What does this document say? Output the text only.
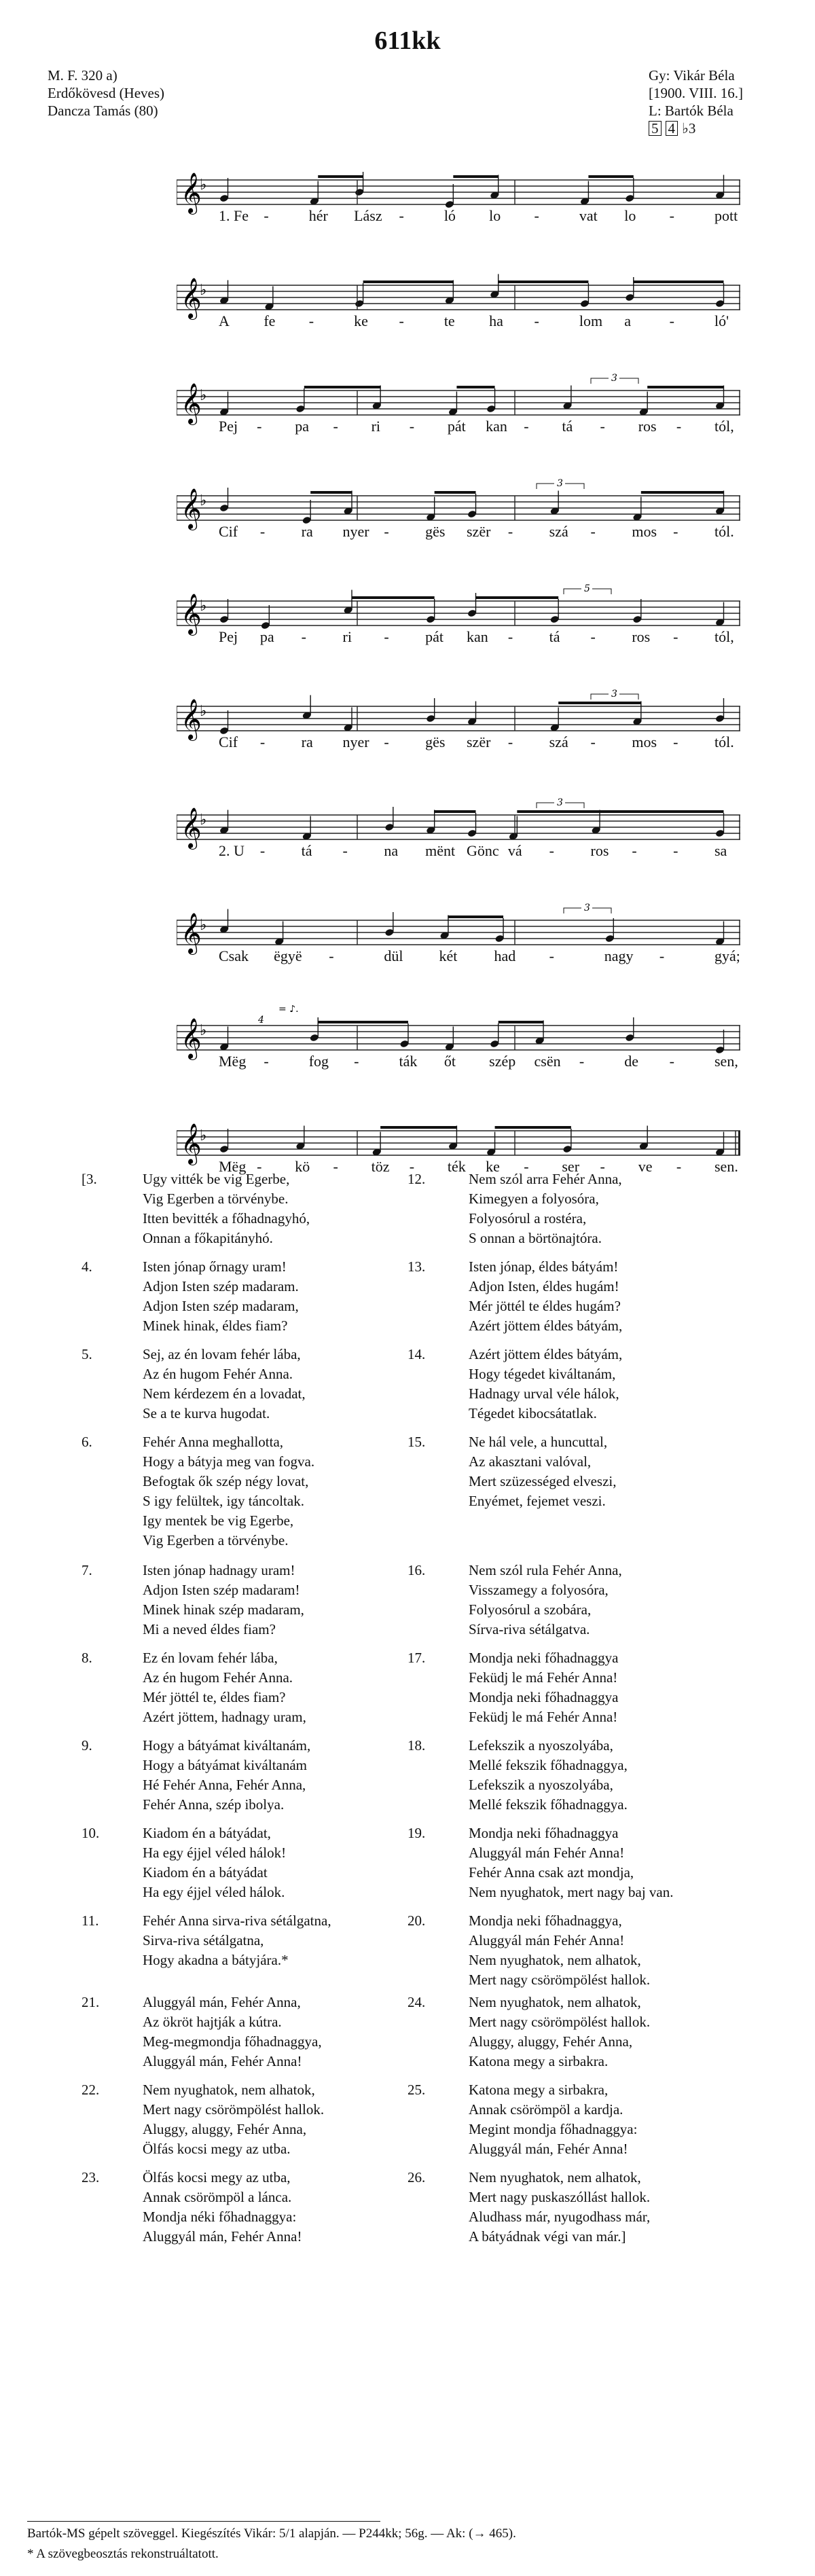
611kk
M. F. 320 a)
Erdőkövesd (Heves)
Dancza Tamás (80)
Gy: Vikár Béla
[1900. VIII. 16.]
L: Bartók Béla
5 4 ♭3
𝄞
♭
1. Fe -	hér Lász -	ló lo -	vat lo -	pott
𝄞
♭
A fe -	ke -	te ha -	lom a	-	ló'
𝄞
♭
3
Pej - pa - ri - pát kan - tá - ros - tól,
𝄞
♭
3
Cif - ra nyer - gës szër - szá - mos - tól.
𝄞
♭
5
Pej pa - ri - pát kan - tá - ros - tól,
𝄞
♭
3
Cif - ra nyer - gës szër - szá - mos - tól.
𝄞
♭
3
2. U - tá - na mënt Gönc vá - ros - - sa
𝄞
♭
3
Csak ëgyë -	dül két had -	nagy -	gyá;
𝄞
♭
= ♪.
4
Mëg -	fog -	ták őt szép csën -	de -	sen,
𝄞
♭
Mëg - kö - töz - ték ke - ser - ve - sen.
[3.	Ugy vitték be vig Egerbe,
Vig Egerben a törvénybe.
Itten bevitték a főhadnagyhó,
Onnan a főkapitányhó.
4.	Isten jónap őrnagy uram!
Adjon Isten szép madaram.
Adjon Isten szép madaram,
Minek hinak, éldes fiam?
5.	Sej, az én lovam fehér lába,
Az én hugom Fehér Anna.
Nem kérdezem én a lovadat,
Se a te kurva hugodat.
6.	Fehér Anna meghallotta,
Hogy a bátyja meg van fogva.
Befogtak ők szép négy lovat,
S igy felültek, igy táncoltak.
Igy mentek be vig Egerbe,
Vig Egerben a törvénybe.
7.	Isten jónap hadnagy uram!
Adjon Isten szép madaram!
Minek hinak szép madaram,
Mi a neved éldes fiam?
8.	Ez én lovam fehér lába,
Az én hugom Fehér Anna.
Mér jöttél te, éldes fiam?
Azért jöttem, hadnagy uram,
9.	Hogy a bátyámat kiváltanám,
Hogy a bátyámat kiváltanám
Hé Fehér Anna, Fehér Anna,
Fehér Anna, szép ibolya.
10.	Kiadom én a bátyádat,
Ha egy éjjel véled hálok!
Kiadom én a bátyádat
Ha egy éjjel véled hálok.
11.	Fehér Anna sirva-riva sétálgatna,
Sirva-riva sétálgatna,
Hogy akadna a bátyjára.*
21.	Aluggyál mán, Fehér Anna,
Az ökröt hajtják a kútra.
Meg-megmondja főhadnaggya,
Aluggyál mán, Fehér Anna!
22.	Nem nyughatok, nem alhatok,
Mert nagy csörömpölést hallok.
Aluggy, aluggy, Fehér Anna,
Ölfás kocsi megy az utba.
23.	Ölfás kocsi megy az utba,
Annak csörömpöl a lánca.
Mondja néki főhadnaggya:
Aluggyál mán, Fehér Anna!
12.	Nem szól arra Fehér Anna,
Kimegyen a folyosóra,
Folyosórul a rostéra,
S onnan a börtönajtóra.
13.	Isten jónap, éldes bátyám!
Adjon Isten, éldes hugám!
Mér jöttél te éldes hugám?
Azért jöttem éldes bátyám,
14.	Azért jöttem éldes bátyám,
Hogy tégedet kiváltanám,
Hadnagy urval véle hálok,
Tégedet kibocsátatlak.
15.	Ne hál vele, a huncuttal,
Az akasztani valóval,
Mert szüzességed elveszi,
Enyémet, fejemet veszi.
16.	Nem szól rula Fehér Anna,
Visszamegy a folyosóra,
Folyosórul a szobára,
Sírva-riva sétálgatva.
17.	Mondja neki főhadnaggya
Feküdj le má Fehér Anna!
Mondja neki főhadnaggya
Feküdj le má Fehér Anna!
18.	Lefekszik a nyoszolyába,
Mellé fekszik főhadnaggya,
Lefekszik a nyoszolyába,
Mellé fekszik főhadnaggya.
19.	Mondja neki főhadnaggya
Aluggyál mán Fehér Anna!
Fehér Anna csak azt mondja,
Nem nyughatok, mert nagy baj van.
20.	Mondja neki főhadnaggya,
Aluggyál mán Fehér Anna!
Nem nyughatok, nem alhatok,
Mert nagy csörömpölést hallok.
24.	Nem nyughatok, nem alhatok,
Mert nagy csörömpölést hallok.
Aluggy, aluggy, Fehér Anna,
Katona megy a sirbakra.
25.	Katona megy a sirbakra,
Annak csörömpöl a kardja.
Megint mondja főhadnaggya:
Aluggyál mán, Fehér Anna!
26.	Nem nyughatok, nem alhatok,
Mert nagy puskaszóllást hallok.
Aludhass már, nyugodhass már,
A bátyádnak végi van már.]
Bartók-MS gépelt szöveggel. Kiegészítés Vikár: 5/1 alapján. — P244kk; 56g. — Ak: (→ 465).
* A szövegbeosztás rekonstruáltatott.
